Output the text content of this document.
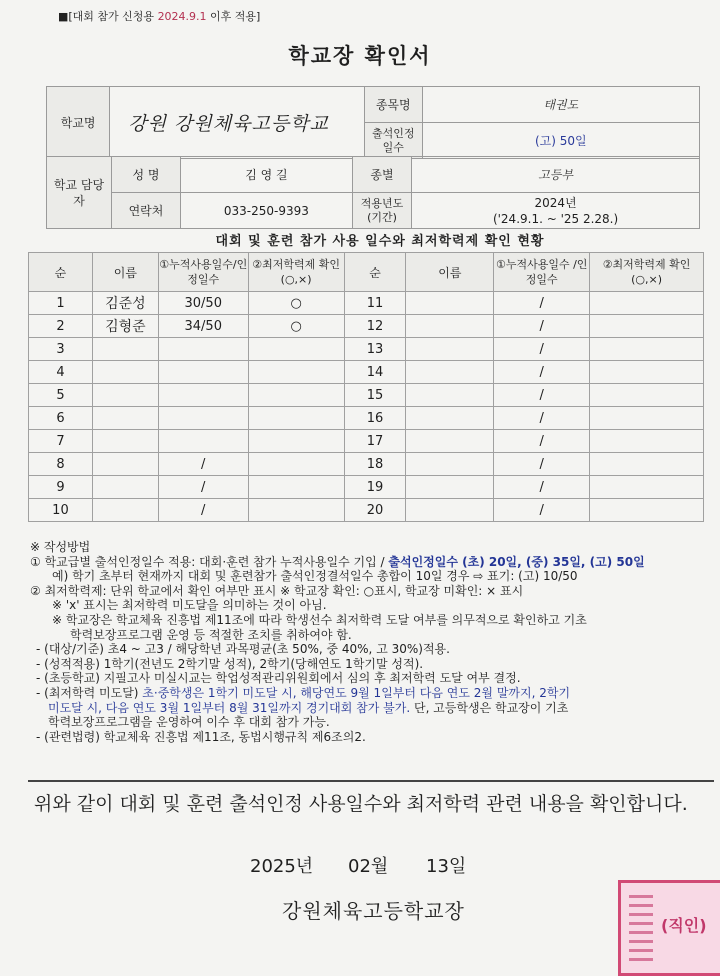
■[대회 참가 신청용 2024.9.1 이후 적용]
학교장 확인서
학교명	강원 강원체육고등학교	종목명	태권도
		출석인정 일수	(고) 50일
학교 담당자	성 명	김 영 길	종별	고등부
	연락처	033-250-9393	적용년도 (기간)	2024년
('24.9.1. ~ '25 2.28.)
대회 및 훈련 참가 사용 일수와 최저학력제 확인 현황
순	이름	①누적사용일수/인정일수	②최저학력제 확인(○,×)	순	이름	①누적사용일수 /인정일수	②최저학력제 확인(○,×)
1	김준성	30/50	○	11		/	
2	김형준	34/50	○	12		/	
3				13		/	
4				14		/	
5				15		/	
6				16		/	
7				17		/	
8		/		18		/	
9		/		19		/	
10		/		20		/	
※ 작성방법
① 학교급별 출석인정일수 적용: 대회·훈련 참가 누적사용일수 기입 / 출석인정일수 (초) 20일, (중) 35일, (고) 50일
예) 학기 초부터 현재까지 대회 및 훈련참가 출석인정결석일수 총합이 10일 경우 ⇨ 표기: (고) 10/50
② 최저학력제: 단위 학교에서 확인 여부만 표시 ※ 학교장 확인: ○표시, 학교장 미확인: × 표시
※ 'x' 표시는 최저학력 미도달을 의미하는 것이 아님.
※ 학교장은 학교체육 진흥법 제11조에 따라 학생선수 최저학력 도달 여부를 의무적으로 확인하고 기초
학력보장프로그램 운영 등 적절한 조치를 취하여야 함.
- (대상/기준) 초4 ~ 고3 / 해당학년 과목평균(초 50%, 중 40%, 고 30%)적용.
- (성적적용) 1학기(전년도 2학기말 성적), 2학기(당해연도 1학기말 성적).
- (초등학교) 지필고사 미실시교는 학업성적관리위원회에서 심의 후 최저학력 도달 여부 결정.
- (최저학력 미도달) 초·중학생은 1학기 미도달 시, 해당연도 9월 1일부터 다음 연도 2월 말까지, 2학기
미도달 시, 다음 연도 3월 1일부터 8월 31일까지 경기대회 참가 불가. 단, 고등학생은 학교장이 기초
학력보장프로그램을 운영하여 이수 후 대회 참가 가능.
- (관련법령) 학교체육 진흥법 제11조, 동법시행규칙 제6조의2.
위와 같이 대회 및 훈련 출석인정 사용일수와 최저학력 관련 내용을 확인합니다.
2025년 02월 13일
강원체육고등학교장
(직인)
